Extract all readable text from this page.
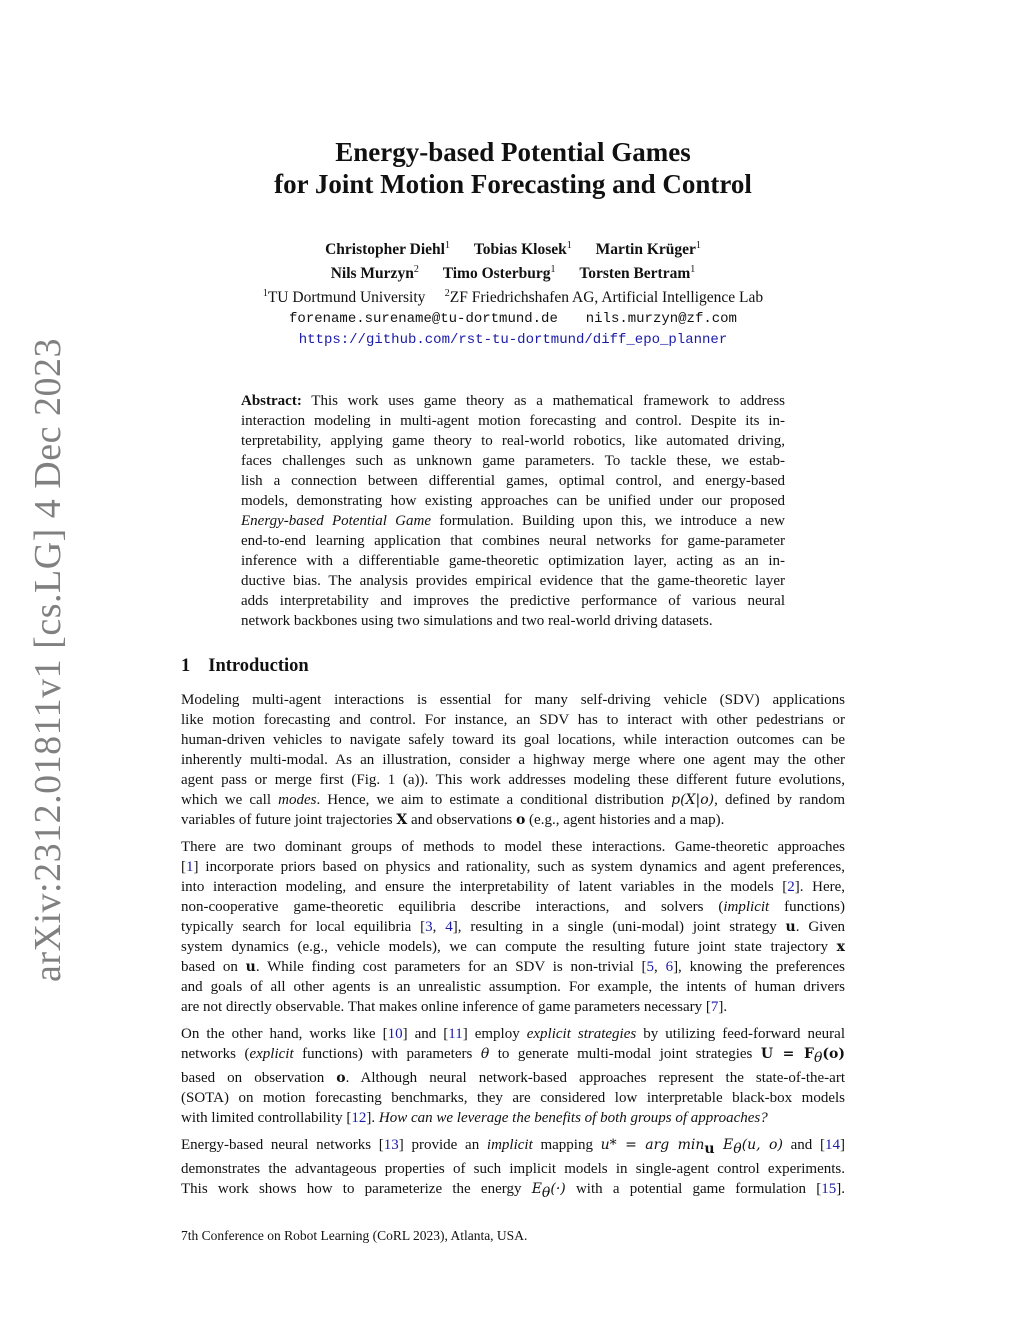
arXiv:2312.01811v1 [cs.LG] 4 Dec 2023
Energy-based Potential Games
for Joint Motion Forecasting and Control
Christopher Diehl$^1$ Tobias Klosek$^1$ Martin Krüger$^1$
Nils Murzyn$^2$ Timo Osterburg$^1$ Torsten Bertram$^1$
$^1$TU Dortmund University $^2$ZF Friedrichshafen AG, Artificial Intelligence Lab
forename.surename@tu-dortmund.de nils.murzyn@zf.com
https://github.com/rst-tu-dortmund/diff_epo_planner

Abstract: This work uses game theory as a mathematical framework to address
interaction modeling in multi-agent motion forecasting and control. Despite its in-
terpretability, applying game theory to real-world robotics, like automated driving,
faces challenges such as unknown game parameters. To tackle these, we estab-
lish a connection between differential games, optimal control, and energy-based
models, demonstrating how existing approaches can be unified under our proposed
Energy-based Potential Game formulation. Building upon this, we introduce a new
end-to-end learning application that combines neural networks for game-parameter
inference with a differentiable game-theoretic optimization layer, acting as an in-
ductive bias. The analysis provides empirical evidence that the game-theoretic layer
adds interpretability and improves the predictive performance of various neural
network backbones using two simulations and two real-world driving datasets.

1 Introduction

Modeling multi-agent interactions is essential for many self-driving vehicle (SDV) applications
like motion forecasting and control. For instance, an SDV has to interact with other pedestrians or
human-driven vehicles to navigate safely toward its goal locations, while interaction outcomes can be
inherently multi-modal. As an illustration, consider a highway merge where one agent may the other
agent pass or merge first (Fig. 1 (a)). This work addresses modeling these different future evolutions,
which we call modes. Hence, we aim to estimate a conditional distribution p(X|o), defined by random
variables of future joint trajectories X and observations o (e.g., agent histories and a map).

There are two dominant groups of methods to model these interactions. Game-theoretic approaches
[1] incorporate priors based on physics and rationality, such as system dynamics and agent preferences,
into interaction modeling, and ensure the interpretability of latent variables in the models [2]. Here,
non-cooperative game-theoretic equilibria describe interactions, and solvers (implicit functions)
typically search for local equilibria [3, 4], resulting in a single (uni-modal) joint strategy u. Given
system dynamics (e.g., vehicle models), we can compute the resulting future joint state trajectory x
based on u. While finding cost parameters for an SDV is non-trivial [5, 6], knowing the preferences
and goals of all other agents is an unrealistic assumption. For example, the intents of human drivers
are not directly observable. That makes online inference of game parameters necessary [7].

On the other hand, works like [10] and [11] employ explicit strategies by utilizing feed-forward neural
networks (explicit functions) with parameters θ to generate multi-modal joint strategies $U = F_\theta(o)$
based on observation o. Although neural network-based approaches represent the state-of-the-art
(SOTA) on motion forecasting benchmarks, they are considered low interpretable black-box models
with limited controllability [12]. How can we leverage the benefits of both groups of approaches?

Energy-based neural networks [13] provide an implicit mapping u* = arg $\min_u E_\theta(u$, o) and [14]
demonstrates the advantageous properties of such implicit models in single-agent control experiments.
This work shows how to parameterize the energy $E_\theta(\cdot)$ with a potential game formulation [15].

7th Conference on Robot Learning (CoRL 2023), Atlanta, USA.
